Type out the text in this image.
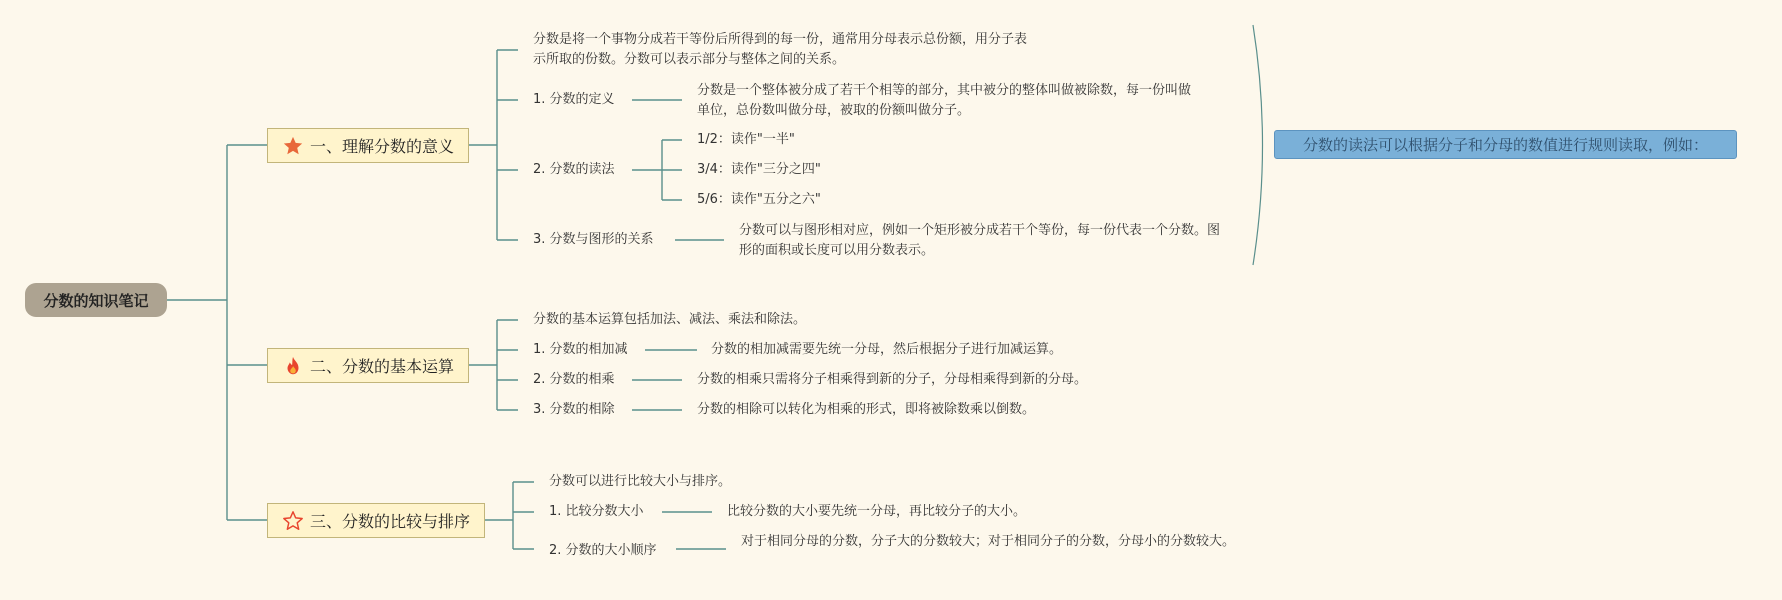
分数的知识笔记
一、理解分数的意义
分数是将一个事物分成若干等份后所得到的每一份，通常用分母表示总份额，用分子表示所取的份数。分数可以表示部分与整体之间的关系。
1. 分数的定义
分数是一个整体被分成了若干个相等的部分，其中被分的整体叫做被除数，每一份叫做单位，总份数叫做分母，被取的份额叫做分子。
2. 分数的读法
1/2：读作"一半"
3/4：读作"三分之四"
5/6：读作"五分之六"
3. 分数与图形的关系
分数可以与图形相对应，例如一个矩形被分成若干个等份，每一份代表一个分数。图形的面积或长度可以用分数表示。
分数的读法可以根据分子和分母的数值进行规则读取，例如：
二、分数的基本运算
分数的基本运算包括加法、减法、乘法和除法。
1. 分数的相加减	分数的相加减需要先统一分母，然后根据分子进行加减运算。
2. 分数的相乘	分数的相乘只需将分子相乘得到新的分子，分母相乘得到新的分母。
3. 分数的相除	分数的相除可以转化为相乘的形式，即将被除数乘以倒数。
三、分数的比较与排序
分数可以进行比较大小与排序。
1. 比较分数大小	比较分数的大小要先统一分母，再比较分子的大小。
2. 分数的大小顺序
对于相同分母的分数，分子大的分数较大；对于相同分子的分数，分母小的分数较大。
